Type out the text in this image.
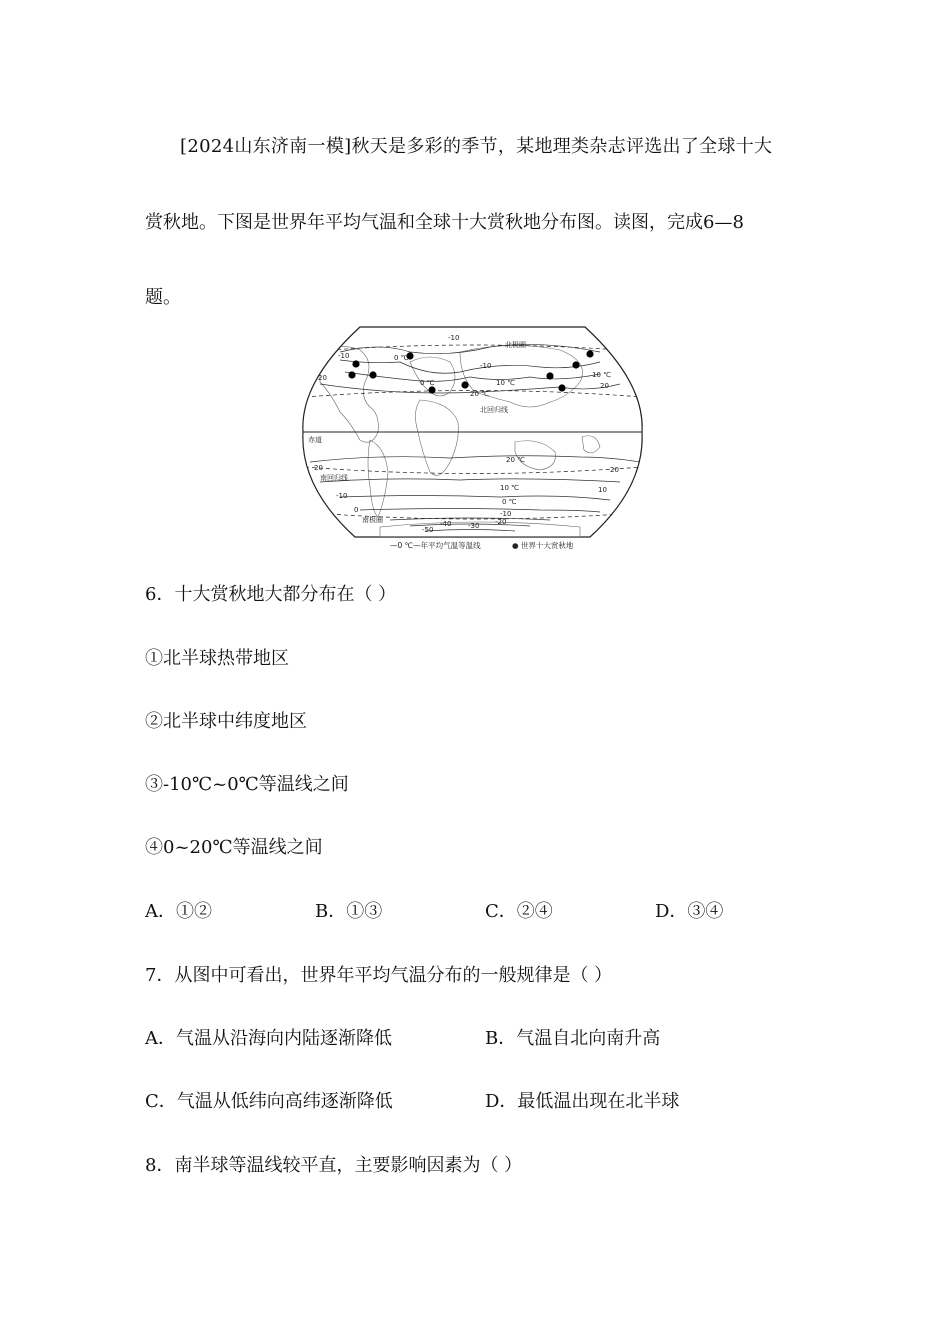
[2024山东济南一模]秋天是多彩的季节，某地理类杂志评选出了全球十大
赏秋地。下图是世界年平均气温和全球十大赏秋地分布图。读图，完成6—8
题。
北极圈
北回归线
赤道
南回归线
南极圈
-10
0 ℃
0 ℃
-10
10 ℃
20 ℃
10 ℃
20
-10
20
20 ℃
20
20
10 ℃	10
-10
0 ℃
0	-10
-20
-30
-40
-50
—0 ℃—年平均气温等温线	● 世界十大赏秋地
6．十大赏秋地大都分布在（ ）
①北半球热带地区
②北半球中纬度地区
③-10℃~0℃等温线之间
④0~20℃等温线之间
A．①②	B．①③	C．②④	D．③④
7．从图中可看出，世界年平均气温分布的一般规律是（ ）
A．气温从沿海向内陆逐渐降低	B．气温自北向南升高
C．气温从低纬向高纬逐渐降低	D．最低温出现在北半球
8．南半球等温线较平直，主要影响因素为（ ）
